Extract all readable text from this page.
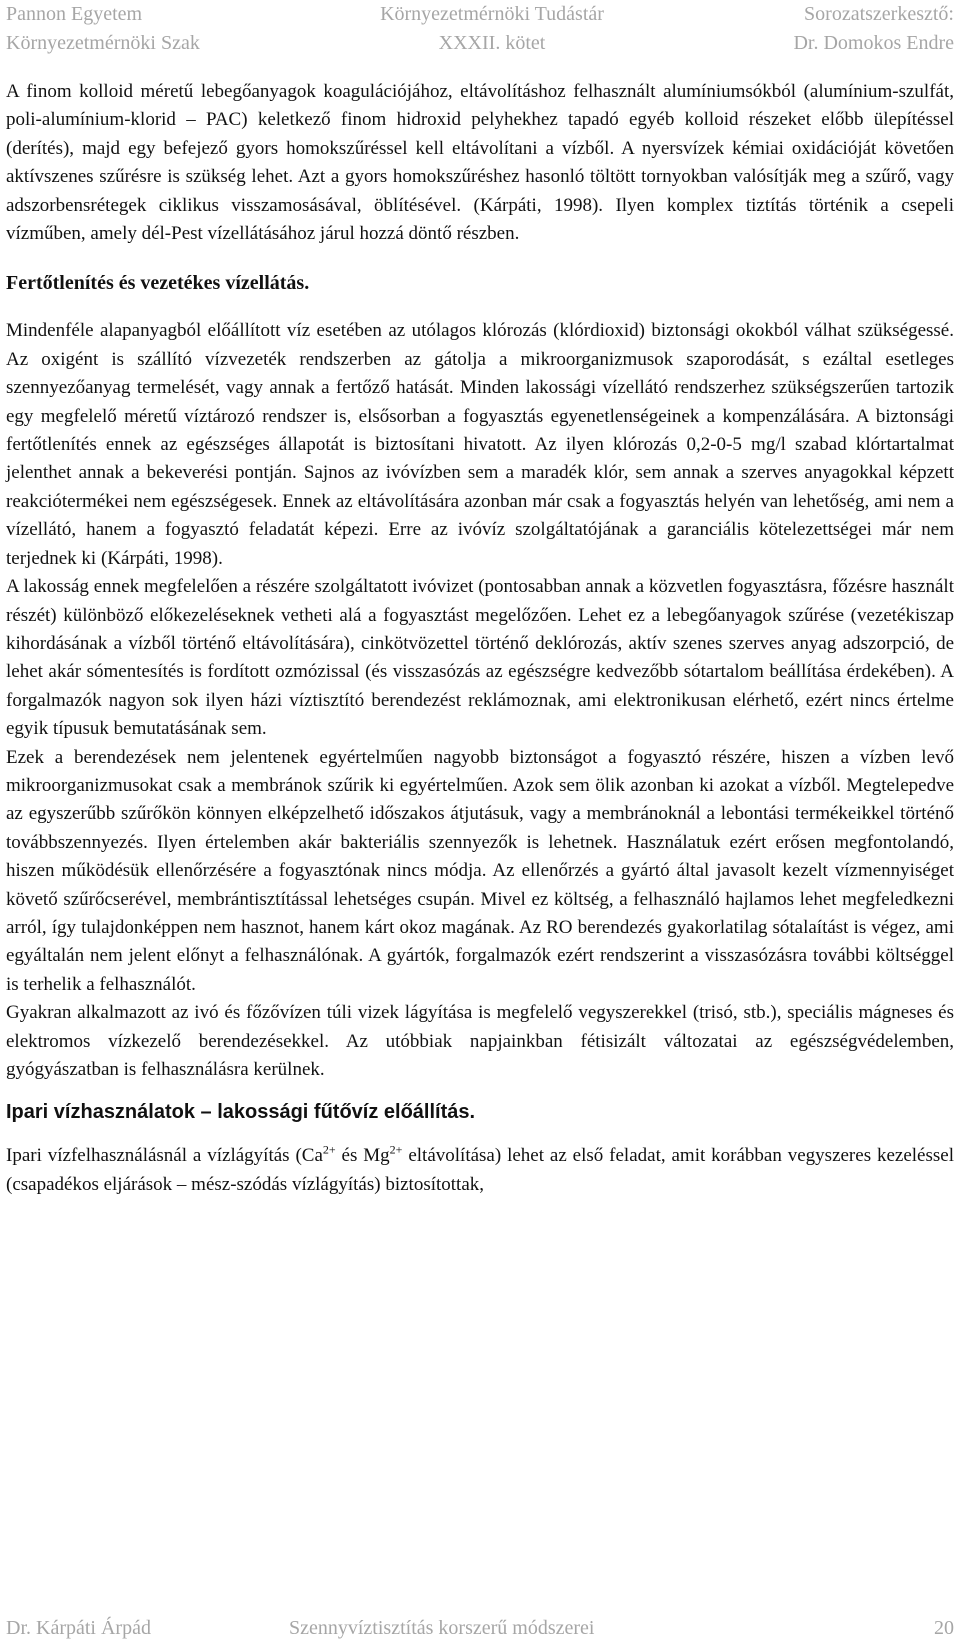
Pannon Egyetem
Környezetmérnöki Szak
Környezetmérnöki Tudástár
XXXII. kötet
Sorozatszerkesztő:
Dr. Domokos Endre

A finom kolloid méretű lebegőanyagok koagulációjához, eltávolításhoz felhasznált alumíniumsókból (alumínium-szulfát, poli-alumínium-klorid – PAC) keletkező finom hidroxid pelyhekhez tapadó egyéb kolloid részeket előbb ülepítéssel (derítés), majd egy befejező gyors homokszűréssel kell eltávolítani a vízből. A nyersvízek kémiai oxidációját követően aktívszenes szűrésre is szükség lehet. Azt a gyors homokszűréshez hasonló töltött tornyokban valósítják meg a szűrő, vagy adszorbensrétegek ciklikus visszamosásával, öblítésével. (Kárpáti, 1998). Ilyen komplex tiztítás történik a csepeli vízműben, amely dél-Pest vízellátásához járul hozzá döntő részben.

Fertőtlenítés és vezetékes vízellátás.

Mindenféle alapanyagból előállított víz esetében az utólagos klórozás (klórdioxid) biztonsági okokból válhat szükségessé. Az oxigént is szállító vízvezeték rendszerben az gátolja a mikroorganizmusok szaporodását, s ezáltal esetleges szennyezőanyag termelését, vagy annak a fertőző hatását. Minden lakossági vízellátó rendszerhez szükségszerűen tartozik egy megfelelő méretű víztározó rendszer is, elsősorban a fogyasztás egyenetlenségeinek a kompenzálására. A biztonsági fertőtlenítés ennek az egészséges állapotát is biztosítani hivatott. Az ilyen klórozás 0,2-0-5 mg/l szabad klórtartalmat jelenthet annak a bekeverési pontján. Sajnos az ivóvízben sem a maradék klór, sem annak a szerves anyagokkal képzett reakciótermékei nem egészségesek. Ennek az eltávolítására azonban már csak a fogyasztás helyén van lehetőség, ami nem a vízellátó, hanem a fogyasztó feladatát képezi. Erre az ivóvíz szolgáltatójának a garanciális kötelezettségei már nem terjednek ki (Kárpáti, 1998).

A lakosság ennek megfelelően a részére szolgáltatott ivóvizet (pontosabban annak a közvetlen fogyasztásra, főzésre használt részét) különböző előkezeléseknek vetheti alá a fogyasztást megelőzően. Lehet ez a lebegőanyagok szűrése (vezetékiszap kihordásának a vízből történő eltávolítására), cinkötvözettel történő deklórozás, aktív szenes szerves anyag adszorpció, de lehet akár sómentesítés is fordított ozmózissal (és visszasózás az egészségre kedvezőbb sótartalom beállítása érdekében). A forgalmazók nagyon sok ilyen házi víztisztító berendezést reklámoznak, ami elektronikusan elérhető, ezért nincs értelme egyik típusuk bemutatásának sem.

Ezek a berendezések nem jelentenek egyértelműen nagyobb biztonságot a fogyasztó részére, hiszen a vízben levő mikroorganizmusokat csak a membránok szűrik ki egyértelműen. Azok sem ölik azonban ki azokat a vízből. Megtelepedve az egyszerűbb szűrőkön könnyen elképzelhető időszakos átjutásuk, vagy a membránoknál a lebontási termékeikkel történő továbbszennyezés. Ilyen értelemben akár bakteriális szennyezők is lehetnek. Használatuk ezért erősen megfontolandó, hiszen működésük ellenőrzésére a fogyasztónak nincs módja. Az ellenőrzés a gyártó által javasolt kezelt vízmennyiséget követő szűrőcserével, membrántisztítással lehetséges csupán. Mivel ez költség, a felhasználó hajlamos lehet megfeledkezni arról, így tulajdonképpen nem hasznot, hanem kárt okoz magának. Az RO berendezés gyakorlatilag sótalaítást is végez, ami egyáltalán nem jelent előnyt a felhasználónak. A gyártók, forgalmazók ezért rendszerint a visszasózásra további költséggel is terhelik a felhasználót.

Gyakran alkalmazott az ivó és főzővízen túli vizek lágyítása is megfelelő vegyszerekkel (trisó, stb.), speciális mágneses és elektromos vízkezelő berendezésekkel. Az utóbbiak napjainkban fétisizált változatai az egészségvédelemben, gyógyászatban is felhasználásra kerülnek.

Ipari vízhasználatok – lakossági fűtővíz előállítás.

Ipari vízfelhasználásnál a vízlágyítás ($Ca^{2+}$ és $Mg^{2+}$ eltávolítása) lehet az első feladat, amit korábban vegyszeres kezeléssel (csapadékos eljárások – mész-szódás vízlágyítás) biztosítottak,

Dr. Kárpáti Árpád	Szennyvíztisztítás korszerű módszerei	20
